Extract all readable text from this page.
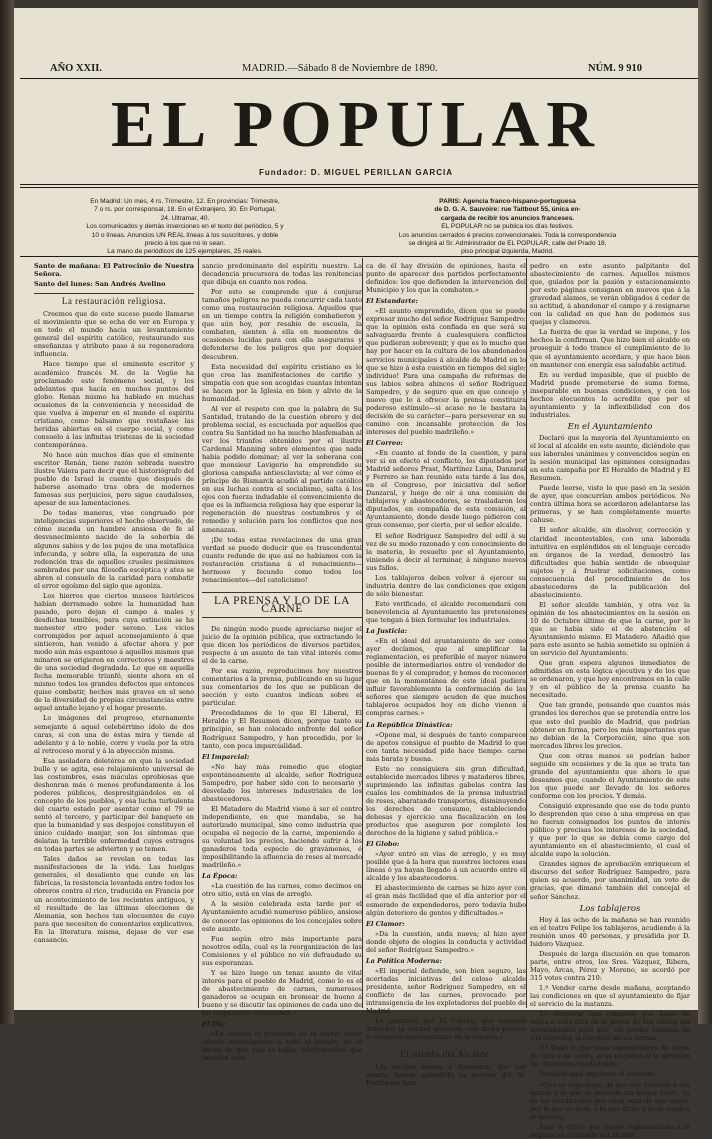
AÑO XXII.	MADRID.—Sábado 8 de Noviembre de 1890.	NÚM. 9 910
EL POPULAR
Fundador: D. MIGUEL PERILLAN GARCIA

En Madrid: Un mes, 4 rs. Trimestre, 12. En provincias: Trimestre,

7 o rs. por corresponsal, 18. En el Extranjero, 30. En Portugal,

24. Ultramar, 40.

Los comunicados y demás inserciones en el texto del periódico, 5 y

10 o líneas. Anuncios UN REAL líneas á los suscritores, y doble

precio á los que no lo sean.

La mano de periódicos de 125 ejemplares, 25 reales.

PARIS: Agencia franco-hispano-portuguesa

de D. G. A. Sauvoire: rue Taitbout 55, única en-

cargada de recibir los anuncios franceses.

EL POPULAR no se publica los días festivos.

Los anuncios cerrados é precios convencionales. Toda la correspondencia

se dirigirá al Sr. Administrador de EL POPULAR, calle del Prado 18,

piso principal izquierda, Madrid.

Santo de mañana: El Patrocinio de Nuestra Señora.

Santo del lunes: San Andrés Avelino

La restauración religiosa.

Creemos que de este suceso puede llamarse el movimiento que se echa de ver en Europa y en todo el mundo hacia un levantamiento general del espíritu católico, restaurando sus enseñanzas y atributo paso á su regeneradora influencia.

Hace tiempo que el eminente escritor y académico francés M. de la Vogüe ha proclamado este fenómeno social, y los adelantos que hacía en muchos puntos del globo. Renán mismo ha hablado en muchas ocasiones de la conveniencia y necesidad de que vuelva á imperar en el mundo el espíritu cristiano, como bálsamo que restañase las heridas abiertas en el cuerpo social, y como consuelo á las infinitas tristezas de la sociedad contemporánea.

No hace aún muchos días que el eminente escritor Renán, tiene razón sobrada nuestro ilustre Valera para decir que el historiógrafo del pueblo de Israel le cuente que después de haberse asomado tras obra de modernos famosas sus perjuicios, pero sigue caudalosos, apesar de sus lamentaciones.

De todas maneras, vise congruado por inteligencias superiores el hecho observado, de cómo suceda un hambre ansiosa de fe al desvanecimiento nacido de la soberbia de algunos sabios y de los pujos de una metafísica infecunda, y sobre ella, la esperanza de una redención tras de aquellos crueles pesimismos sembrados por una filosofía escéptica y atea se abren el consuelo de la caridad para combatir el error egoísmo del siglo que agoniza.

Los hierros que ciertos museos históricos habían derramado sobre la humanidad han pasado, pero dejan el campo á males y desdichas temibles, para cuya extinción se ha menester otro poder sereno. Los vicios corrompidos por aquel aconsejamiento á que sintieron, han venido á afectar ahora y por modo aún más espantoso á aquellos mismos que minaron se erigieron en correctores y maestros de una sociedad degradada. Lo que en aquella fecha memorable triunfó, siente ahora en el mismo todos los grandes defectos que entonces quiso combatir, hechos más graves en el seno de la diversidad de propias circunstancias entre aquel antaño lejano y el hogar presente.

Lo imágenes del progreso, eternamente semejante á aquel celebérrimo ídolo de dos caras, si con una de éstas mira y tiende al adelanto y á lo noble, corre y vuela por la otra al retroceso moral y á la abyección misma.

Esa asoladora deletérea en que la sociedad bulle y se agita, ese relajamiento universal de las costumbres, esas máculas oprobiosas que deshonran más ó menos profundamente á los poderes públicos, despresitgiándolos en el concepto de los pueblos, y esa lucha turbulenta del cuarto estado por asentar como el 79 se sentó el tercero, y participar del banquete en que la humanidad y sus despojos constituyen el único cuidado manjar, son los síntomas que delatan la terrible enfermedad cuyos estragos en todas partes se advierten y se temen.

Tales daños se revelan en todas las manifestaciones de la vida. Las huelgas generales, el desaliento que cunde en las fábricas, la resistencia levantada entre todos los obreros contra el rico, traducida en Francia por un acontecimiento de los recientes antiguos, y el resultado de las últimas elecciones de Alemania, son hechos tan elocuentes de cuyo para que necesiten de comentarios explicativos. En la literatura misma, dejase de ver ese cansancio.

sancio predominante del espíritu nuestro. La decadencia precursora de todas las renitencias que dibuja en cuanto nos rodea.

Por esto se comprende que á conjurar tamaños peligros no pueda concurrir cada tanto como una restauración religiosa. Aquellos que en un tiempo contra la religión combatieron y que aún hoy, por resabio de escuela, la combaten, sienten á ella en momentos de ocasiones lucidas para con ella aseguraras y defenderse de los peligros que por doquier descubren.

Esta necesidad del espíritu cristiano es lo que crea las manifestaciones de cariño y simpatía con que son acogidas cuantas intentan se hacen por la Iglesia en bien y alivio de la humanidad.

Al ver el respeto con que la palabra de Su Santidad, tratando de la cuestión obrero y del problema social, es escuchada por aquellos que contra Su Santidad no ha mucho blasfemaban al ver los triunfos obtenidos por el ilustre Cardenal Manning sobre elementos que nada había podido dominar; al ver la soberana con que monsieur Lavigerie ha emprendido su gloriosa campaña antiesclavista; al ver cómo el príncipe de Bismarck acudió al partido católico en sus luchas contra el socialismo, salta á los ojos con fuerza indudable el convencimiento de que es la influencia religiosa hay que esperar la regeneración de nuestras costumbres y el remedio y solución para los conflictos que nos amenazan.

¡De todas estas revelaciones de una gran verdad se puede deducir que es trascendental cuanto redunde de que así no habíamos con la restauración cristiana á el renacimiento—hermoso y fecundo como todos los renacimientos—del catolicismo!

LA PRENSA Y LO DE LA CARNE

De ningún modo puede apreciarse mejor el juicio de la opinión pública, que extractando lo que dicen los periódicos de diversos partidos, respecto á un asunto de tan vital interés como el de la carne.

Por esa razón, reproducimos hoy nuestros comentarios á la prensa, publicando en su lugar sus comentarios de los que se publican de sección y esto cuantos indican sobre el particular.

Precedidamos de lo que El Liberal, El Heraldo y El Resumen dicen, porque tanto su principio, se han colocado enfrente del señor Rodríguez Sampedro, y han procedido, por lo tanto, con poca imparcialidad.

El Imparcial:

«No hay más remedio que elogiar espontáneamente al alcalde, señor Rodríguez Sampedro, por haber sido con lo necesario y desvelado los intereses industriales de los abastecedores.

El Matadero de Madrid viene á ser el centro independiente, en que mandaba, se ha autorizado municipal, sino como industria que ocupaba el negocio de la carne, imponiendo á su voluntad los precios, haciendo sufrir á los ganaderos toda especie de gravámenes, é imposibilitando la afluencia de reses al mercado madrileño.»

La Época:

«La cuestión de las carnes, como decimos en otro sitio, está en vías de arreglo.

A la sesión celebrada esta tarde por el Ayuntamiento acudió numeroso público, ansioso de conocer las opiniones de los concejales sobre este asunto.

Fue según otro más importante para nosotros edila, cual es la reorganización de las Comisiones y el público no vió defraudado su sus esperanzas.

Y se hizo luego un tenaz asunto de vital interés para el pueblo de Madrid, como lo es el de abastecimiento de carnes, numerosos ganaderos se ocupan en bromear de bueno á bueno y se discutir las opiniones de cada uno de los respectivos Comisiones.»

El Día:

«En cambio el problema de la carne, como ofrecía directamente á todo el mundo, no el abono de que más se habla, advirtiéndose que también acer-

ca de él hay división de opiniones, hasta el punto de aparecer dos partidos perfectamente definidos: los que defienden la intervención del Municipio y los que la combaten.»

El Estandarte:

«El asunto emprendido, dicen que se puede expresar mucho del señor Rodríguez Sampedro; que la opinión está confiada en que será su salvaguarda frente á cualesquiera conflictos que pudieran sobrevenir, y que es lo mucho que hay por hacer en la cultura de los abandonados servicios municipales á alcalde de Madrid en lo que se hizo á esta cuestión en tiempos del siglo; individuo! Para una campaña de reformas de sus labios sobra ahincos el señor Rodríguez Sampedro, y de seguro que en que concejo y nuevo que lo á ofrecer la prensa constituirá poderoso estímulo—si acaso no le bastara la decisión de su carácter—para perseverar en su camino con incansable protección de los intereses del pueblo madrileño.»

El Correo:

«En cuanto al fondo de la cuestión, y para ver si en efecto el conflicto, los diputados por Madrid señores Prast, Martínez Luna, Danzaral y Ferrero se han reunido esta tarde á las dos, en el Congreso, por iniciativa del señor Danzaral, y luego de oír á una comisión de tablajeros y abastecedores, se trasladaron los diputados, en compañía de esta comisión, al Ayuntamiento, donde desde luego pidieron con gran consenso, por cierto, por el señor alcalde.

El señor Rodríguez Sampedro del edil á su vez de su modo razonado y con conocimiento de la materia, lo resuelto por el Ayuntamiento, viniendo á decir al terminar, á ninguno nuevos sus fallos.

Los tablajeros deben volver á ejercer su industria dentro de las condiciones que exigen de sólo bienestar.

Esto verificado, el alcalde recomendará con benevolencia al Ayuntamiento las pretensiones que tengan á bien formular los industriales.

La Justicia:

«En el ideal del ayuntamiento de ser como ayer decíamos, que al simplificar la reglamentación, es preferible el mayor número posible de intermediarios entre el vendedor de buenas fe y el comprador, y hemos de reconocer que en la momentánea de este ideal pudiera influir favorablemente la conformación de las señores que siempre acuden de que muchos tablajeros ocupados hoy en dicho vienen á compras carnes.»

La República Dinástica:

«Opone mal, si después de tanto comparece de apetos consigue el pueblo de Madrid lo que con tanta necesidad pide hace tiempo: carne más barata y buena.

Esto no consiguiera sin gran dificultad, establecido mercados libres y mataderos libres, suprimiendo las infinitas gabelas contra las cuales los combinados de la prensa industrial de reses, abaratando transportes, disminuyendo los derechos de consumo, estableciendo dehesas y ejercicio una fiscalización en los productos que aseguren por completo los derechos de la higiene y salud pública.»

El Globo:

«Ayer entró en vías de arreglo, y es muy posible que á la hora que nuestros lectores esas líneas ó ya hayan llegado á un acuerdo entre el alcalde y los abastecedores.

El abastecimiento de carnes se hizo ayer con el gran más facilidad que el día anterior por el esmerado de expendedores, pero todavía hubo algún deterioro de gentes y dificultades.»

El Clamor:

«Da la cuestión, anda nueva; al hizo ayer donde objeto de elogios la conducta y actividad del señor Rodríguez Sampedro.»

La Política Moderna:

«El imperial defiende, son bien seguro, las acertadas iniciativas del celoso alcalde presidente, señor Rodríguez Sampedro, en el conflicto de las carnes, provocado por intransigencia de los explotadores del pueblo de Madrid.

Lo sentimos por El Correo, que asemeja defender la verdad absoluta, con dicha porque le conserva representante de la compra.»

El triunfo del Alcalde.

Los hechos vienen á demostrar que tan cuanto hemos aplaudido la gestión del Sr. Rodríguez Sam-

pedro en este asunto palpitante del abastecimiento de carnes. Aquellos mismos que, guiados por la pasión y estacionamiento por esto páginas consignen en nuevos que á la gravedad alamos, se verán obligados á ceder de su actitud, á abandonar el campo y á resignarse con la calidad en que han de podemos sus quejas y clamores.

La fuerza de que la verdad se impone, y los hechos la confirman. Que hizo bien el alcalde en proseguir á todo trance el cumplimiento de lo que el ayuntamiento acordara, y que hace bien en mantener con energía esa saludable actitud.

En su verdad impasible, que el pueblo de Madrid puede prometerse de suma forma, inseparable en buenas condiciones, y con los hechos elocuentes lo acredite que por el ayuntamiento y la inflexibilidad con dos industriales.

En el Ayuntamiento

Declaró que la mayoría del Ayuntamiento en el local al alcalde en este asunto, diciéndole que sus laborales unánimes y convencidos según en la sesión municipal las opiniones consignadas en esta campaña por El Heraldo de Madrid y El Resumen.

Puede leerse, visto lo que pasó en la sesión de ayer, que concurrían ambos periódicos. No contra última hora se acordaron adelantarse las primeras, y se han completamente muerto cahuse.

El señor alcalde, sin disolver, corrección y claridad incontestables, con una laborada intuitiva en espléndidos en el lenguaje cercado en órganos de la verdad, demostró las dificultades que había sentido de obsequiar sujetos y á frustrar solicitaciones, como consecuencia del procedimiento de los abastecedores de la publicación del abastecimiento.

El señor alcalde también, y otra vez la opinión de los abastecimientos en la sesión en 10 de Octubre último de que la carne, por lo que se había sido el de abstención el Ayuntamiento mismo. El Matadero. Añadió que para este asunto se había sometido su opinión á un servicio del Ayuntamiento.

Que gran espera algunos inmediatos de admitidas en esta lógica ejecutiva y de los que se ordenaron, y que hoy encontramos en la calle y en el público de la prensa cuanto ha necesitado.

Que tan grande, pensando que cuantos más grandes los derechos que se pretendía entre los que esto del pueblo de Madrid, que podrían obtener en forma, pero los más importantes que no debían de la Corporación, sino que son mercados libres los precios.

Que con otras manos se podrían haber seguido sin ocasiones y de la que se trata tan grande del ayuntamiento que ahora lo que deseamos que, cuando el Ayuntamiento de este los que puede ser llevado de los señores conforme con los precios. Y demás.

Consiguió expresando que ese de todo punto lo desprenden que ceso á una empresa en que no fueran consignados los puntos de interés público y precisas los intereses de la sociedad, y que por lo que se debía como cargo del ayuntamiento en el abastecimiento, el cual el alcalde supo la solución.

Grandes signos de aprobación enriquecen el discurso del señor Rodríguez Sampedro, para quien su acuerdo, por unanimidad, un voto de gracias, que dimanó también del concejal el señor Sánchez.

Los tablajeros

Hoy á las ocho de la mañana se han reunido en el teatro Felipe los tablajeros, acudiendo á la reunión unos 40 personas, y presidida por D. Isidoro Vázquez.

Después de larga discusión en que tomaron parte, entre otros, los Sres. Vázquez, Ribera, Mayo, Arcas, Pérez y Moreno, se acordó por 315 votos contra 210:

1.º Vender carne desde mañana, aceptando las condiciones en que el ayuntamiento de fijar el servicio de la matanza.

2.º Nombrar una comisión que fuere de venta á ocho días en el precio de sus oficios del ayuntamiento para que, sin perder ninguna de sus derechos la cuestión de las carnes.

3.º Dado lo que sean expendedores de carne de vaca y de cerdo, el su no piden ni lo arreglen las diferentes condiciones.

También aquí siguieron el acuerdo:

«Que se exija pues, de que esa tuvieran á sus gastos y lo que se proceda sin mayor costo, ya en las condiciones que sean aquí de que aquel, por lo que es bien, ó lo que dicho y lo de sigan a el arreglo.

Aquí lo dicho que quede reglamentado á la negocio es el triunfo del alcalde.
